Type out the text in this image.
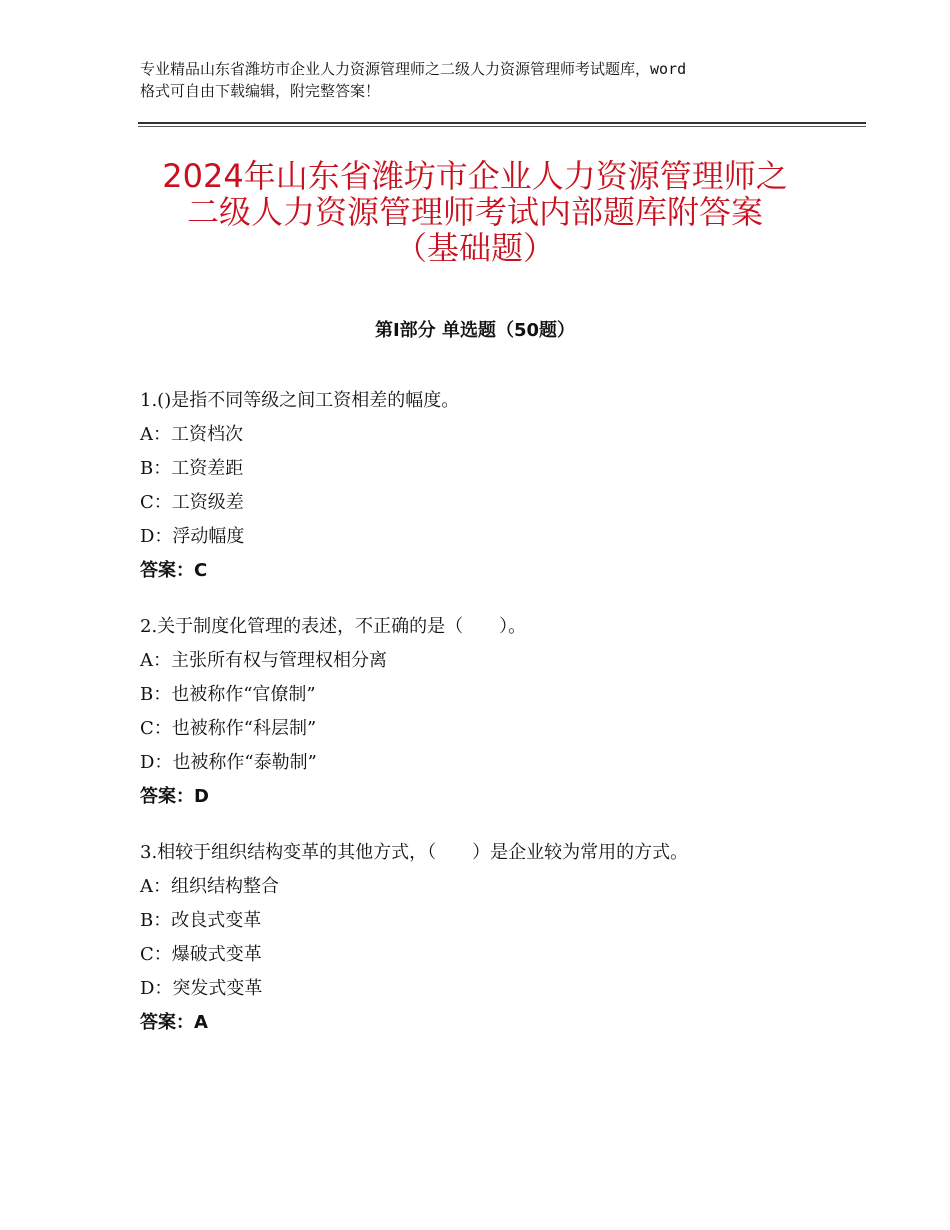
专业精品山东省潍坊市企业人力资源管理师之二级人力资源管理师考试题库，word
格式可自由下载编辑，附完整答案！
2024年山东省潍坊市企业人力资源管理师之
二级人力资源管理师考试内部题库附答案
（基础题）
第Ⅰ部分 单选题（50题）
1.()是指不同等级之间工资相差的幅度。
A：工资档次
B：工资差距
C：工资级差
D：浮动幅度
答案：C
2.关于制度化管理的表述，不正确的是（　　）。
A：主张所有权与管理权相分离
B：也被称作“官僚制”
C：也被称作“科层制”
D：也被称作“泰勒制”
答案：D
3.相较于组织结构变革的其他方式，（　　）是企业较为常用的方式。
A：组织结构整合
B：改良式变革
C：爆破式变革
D：突发式变革
答案：A
